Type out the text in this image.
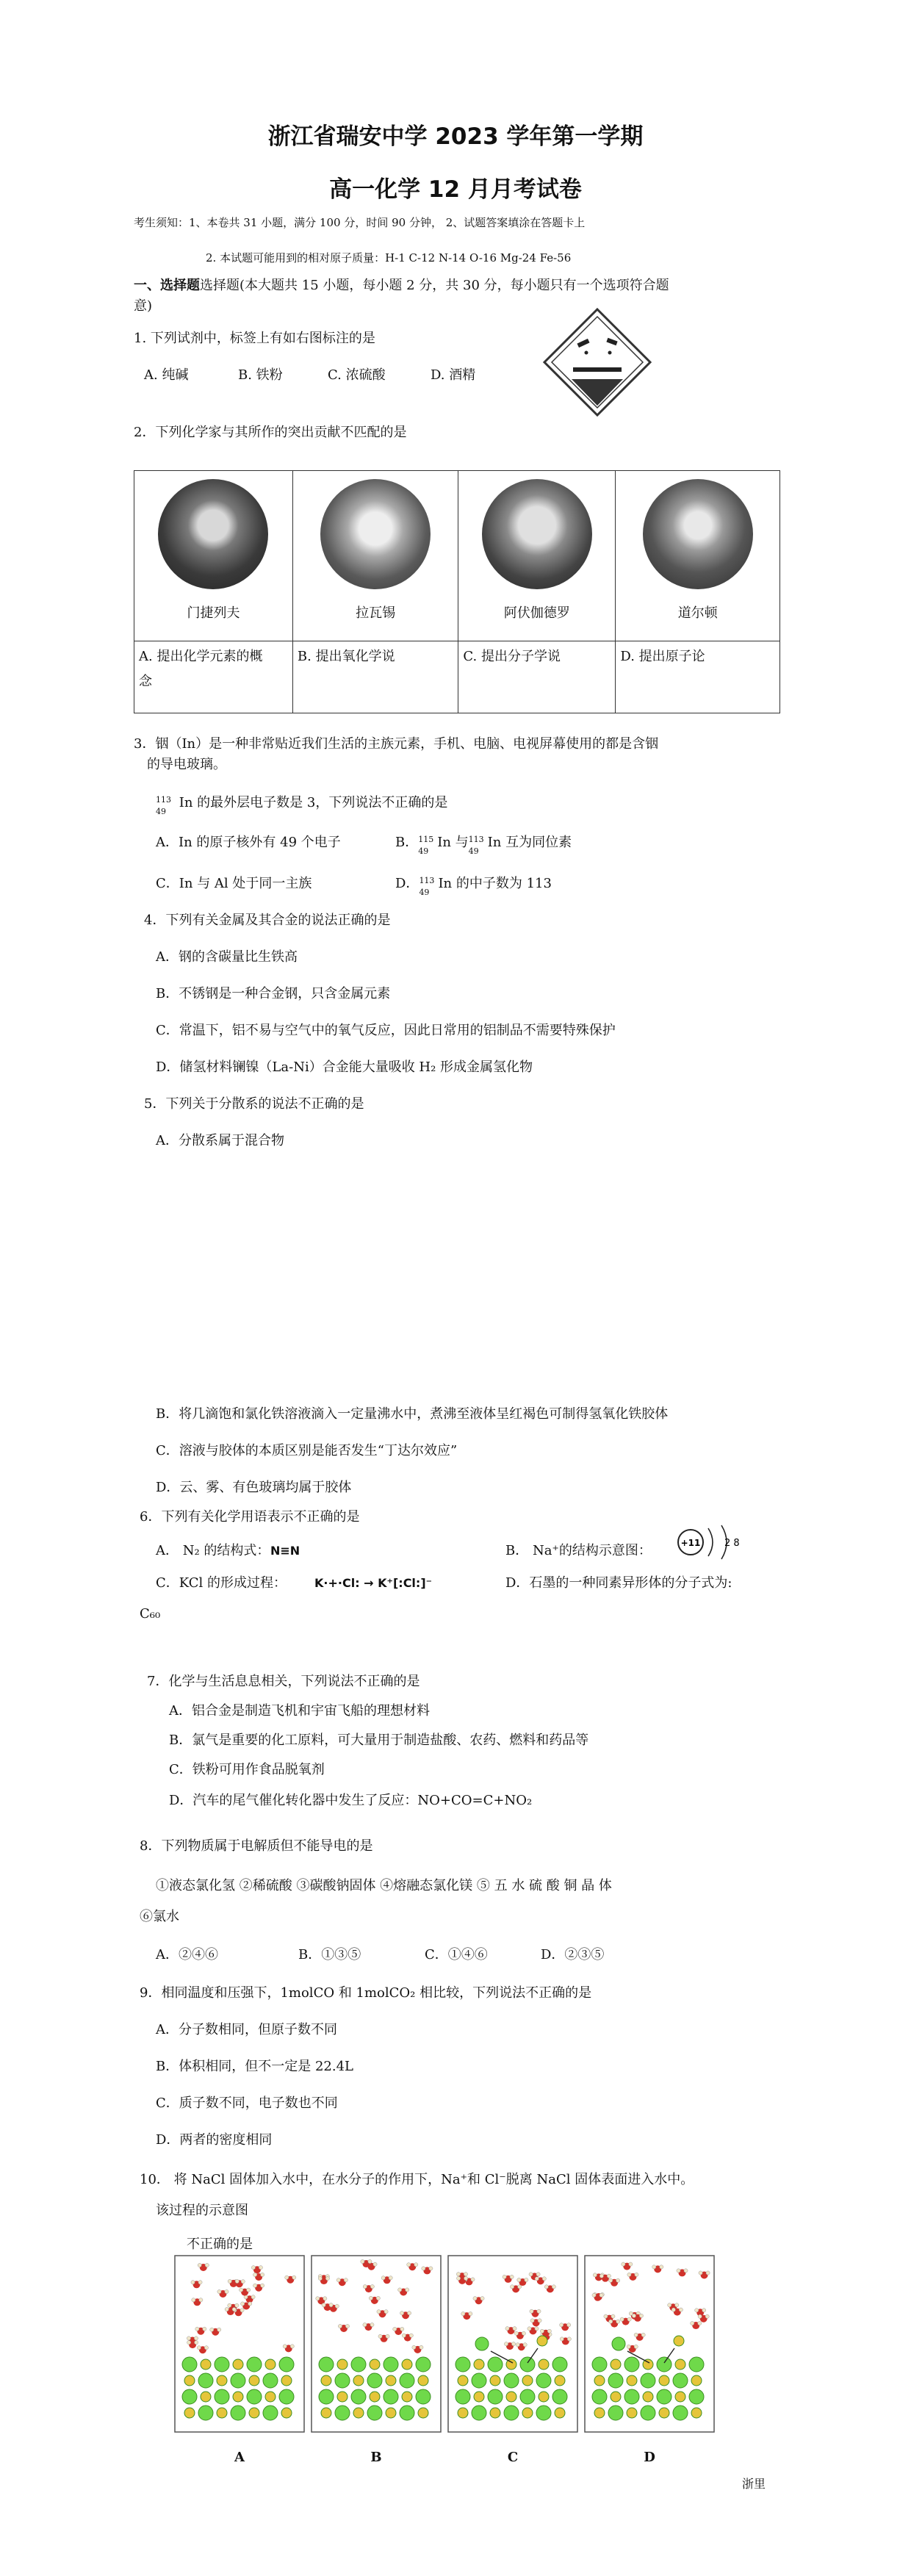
浙江省瑞安中学 2023 学年第一学期
高一化学 12 月月考试卷
考生须知：1、本卷共 31 小题，满分 100 分，时间 90 分钟， 2、试题答案填涂在答题卡上
2. 本试题可能用到的相对原子质量：H-1 C-12 N-14 O-16 Mg-24 Fe-56
一、选择题选择题(本大题共 15 小题，每小题 2 分，共 30 分，每小题只有一个选项符合题
意)
1. 下列试剂中，标签上有如右图标注的是
A. 纯碱	B. 铁粉	C. 浓硫酸	D. 酒精
2．下列化学家与其所作的突出贡献不匹配的是
门捷列夫	拉瓦锡	阿伏伽德罗	道尔顿

A. 提出化学元素的概
念	B. 提出氧化学说	C. 提出分子学说	D. 提出原子论
3．铟（In）是一种非常贴近我们生活的主族元素，手机、电脑、电视屏幕使用的都是含铟
的导电玻璃。
113
49
In 的最外层电子数是 3，下列说法不正确的是
A．In 的原子核外有 49 个电子	B． 115
49
In 与 113
49
In 互为同位素
C．In 与 Al 处于同一主族	D． 113
49
In 的中子数为 113
4．下列有关金属及其合金的说法正确的是
A．钢的含碳量比生铁高
B．不锈钢是一种合金钢，只含金属元素
C．常温下，铝不易与空气中的氧气反应，因此日常用的铝制品不需要特殊保护
D．储氢材料镧镍（La-Ni）合金能大量吸收 H₂ 形成金属氢化物
5．下列关于分散系的说法不正确的是
A．分散系属于混合物
B．将几滴饱和氯化铁溶液滴入一定量沸水中，煮沸至液体呈红褐色可制得氢氧化铁胶体
C．溶液与胶体的本质区别是能否发生“丁达尔效应”
D．云、雾、有色玻璃均属于胶体
6．下列有关化学用语表示不正确的是
A． N₂ 的结构式： N≡N	B． Na⁺的结构示意图：	+11	2 8
C．KCl 的形成过程： K·+·Cl: → K⁺[:Cl:]⁻	D．石墨的一种同素异形体的分子式为:
C₆₀
7．化学与生活息息相关，下列说法不正确的是
A．铝合金是制造飞机和宇宙飞船的理想材料
B．氯气是重要的化工原料，可大量用于制造盐酸、农药、燃料和药品等
C．铁粉可用作食品脱氧剂
D．汽车的尾气催化转化器中发生了反应：NO+CO=C+NO₂
8．下列物质属于电解质但不能导电的是
①液态氯化氢 ②稀硫酸 ③碳酸钠固体 ④熔融态氯化镁 ⑤ 五 水 硫 酸 铜 晶 体
⑥氯水
A．②④⑥	B．①③⑤	C．①④⑥	D．②③⑤
9．相同温度和压强下，1molCO 和 1molCO₂ 相比较，下列说法不正确的是
A．分子数相同，但原子数不同
B．体积相同，但不一定是 22.4L
C．质子数不同，电子数也不同
D．两者的密度相同
10． 将 NaCl 固体加入水中，在水分子的作用下，Na⁺和 Cl⁻脱离 NaCl 固体表面进入水中。
该过程的示意图
不正确的是
A	B	C	D
浙里
